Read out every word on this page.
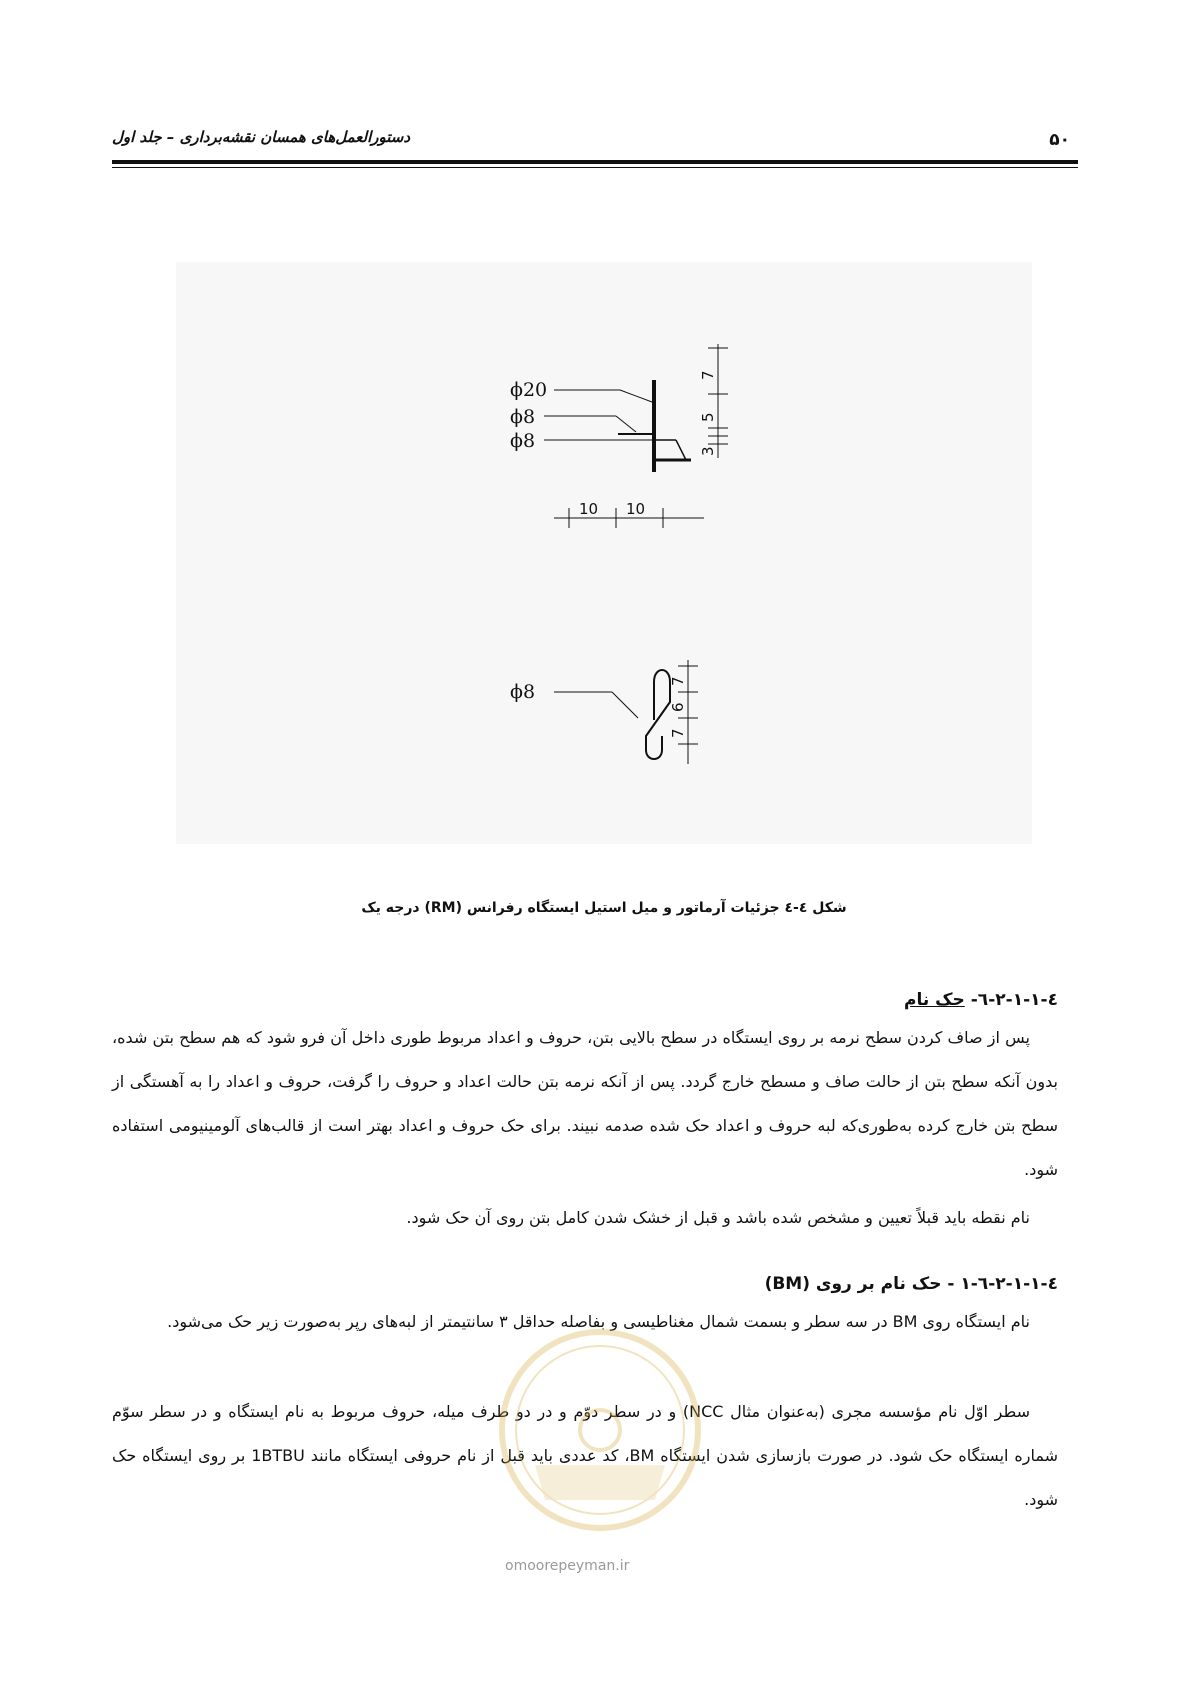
دستورالعمل‌های همسان نقشه‌برداری – جلد اول	۵۰
ϕ20
ϕ8
ϕ8
ϕ8
10 10
7
5
3
7
6
7
شکل ٤-٤ جزئیات آرماتور و میل استیل ایستگاه رفرانس (RM) درجه یک
٤-١-١-٢-٦- حک نام
پس از صاف کردن سطح نرمه بر روی ایستگاه در سطح بالایی بتن، حروف و اعداد مربوط طوری داخل آن فرو شود که هم سطح بتن شده، بدون آنکه سطح بتن از حالت صاف و مسطح خارج گردد. پس از آنکه نرمه بتن حالت اعداد و حروف را گرفت، حروف و اعداد را به آهستگی از سطح بتن خارج کرده به‌طوری‌که لبه حروف و اعداد حک شده صدمه نبیند. برای حک حروف و اعداد بهتر است از قالب‌های آلومینیومی استفاده شود.
نام نقطه باید قبلاً تعیین و مشخص شده باشد و قبل از خشک شدن کامل بتن روی آن حک شود.
٤-١-١-٢-٦-١ - حک نام بر روی (BM)
نام ایستگاه روی BM در سه سطر و بسمت شمال مغناطیسی و بفاصله حداقل ٣ سانتیمتر از لبه‌های رپر به‌صورت زیر حک می‌شود.
سطر اوّل نام مؤسسه مجری (به‌عنوان مثال NCC) و در سطر دوّم و در دو طرف میله، حروف مربوط به نام ایستگاه و در سطر سوّم شماره ایستگاه حک شود. در صورت بازسازی شدن ایستگاه BM، کد عددی باید قبل از نام حروفی ایستگاه مانند 1BTBU بر روی ایستگاه حک شود.
omoorepeyman.ir
